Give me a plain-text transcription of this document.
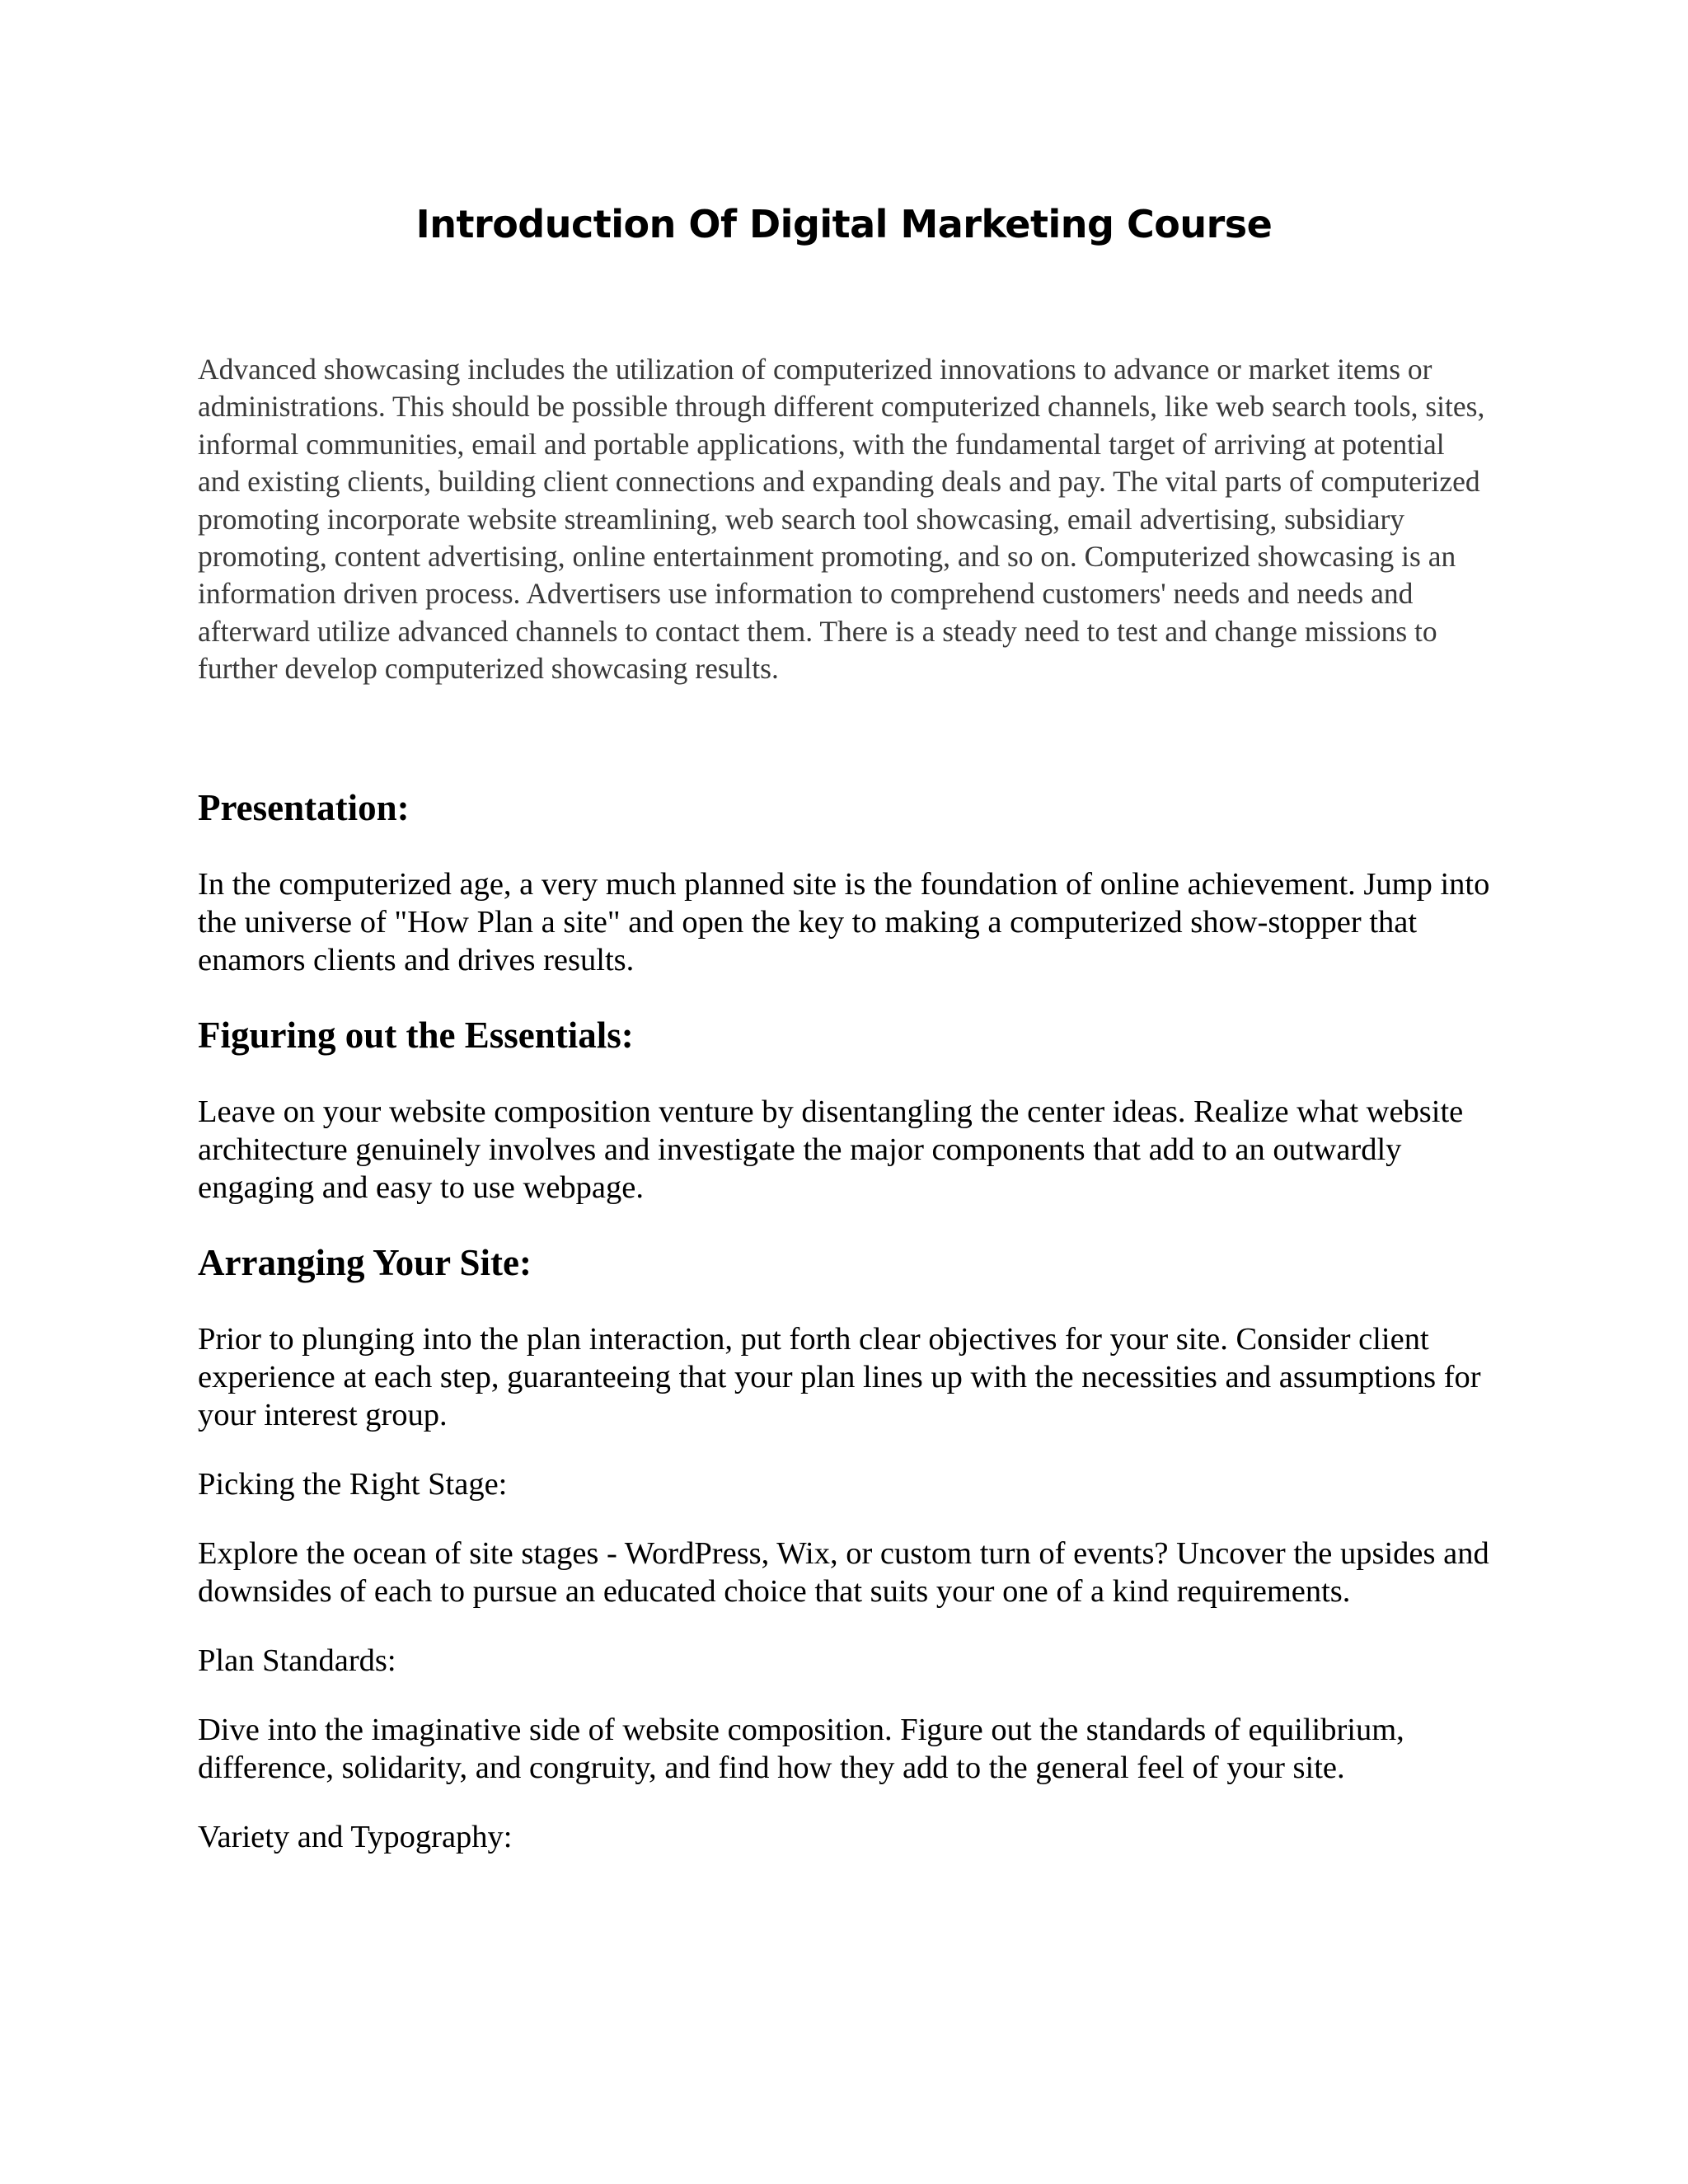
Introduction Of Digital Marketing Course

Advanced showcasing includes the utilization of computerized innovations to advance or market items or administrations. This should be possible through different computerized channels, like web search tools, sites, informal communities, email and portable applications, with the fundamental target of arriving at potential and existing clients, building client connections and expanding deals and pay. The vital parts of computerized promoting incorporate website streamlining, web search tool showcasing, email advertising, subsidiary promoting, content advertising, online entertainment promoting, and so on. Computerized showcasing is an information driven process. Advertisers use information to comprehend customers' needs and needs and afterward utilize advanced channels to contact them. There is a steady need to test and change missions to further develop computerized showcasing results.

Presentation:

In the computerized age, a very much planned site is the foundation of online achievement. Jump into the universe of "How Plan a site" and open the key to making a computerized show-stopper that enamors clients and drives results.

Figuring out the Essentials:

Leave on your website composition venture by disentangling the center ideas. Realize what website architecture genuinely involves and investigate the major components that add to an outwardly engaging and easy to use webpage.

Arranging Your Site:

Prior to plunging into the plan interaction, put forth clear objectives for your site. Consider client experience at each step, guaranteeing that your plan lines up with the necessities and assumptions for your interest group.

Picking the Right Stage:

Explore the ocean of site stages - WordPress, Wix, or custom turn of events? Uncover the upsides and downsides of each to pursue an educated choice that suits your one of a kind requirements.

Plan Standards:

Dive into the imaginative side of website composition. Figure out the standards of equilibrium, difference, solidarity, and congruity, and find how they add to the general feel of your site.

Variety and Typography:
